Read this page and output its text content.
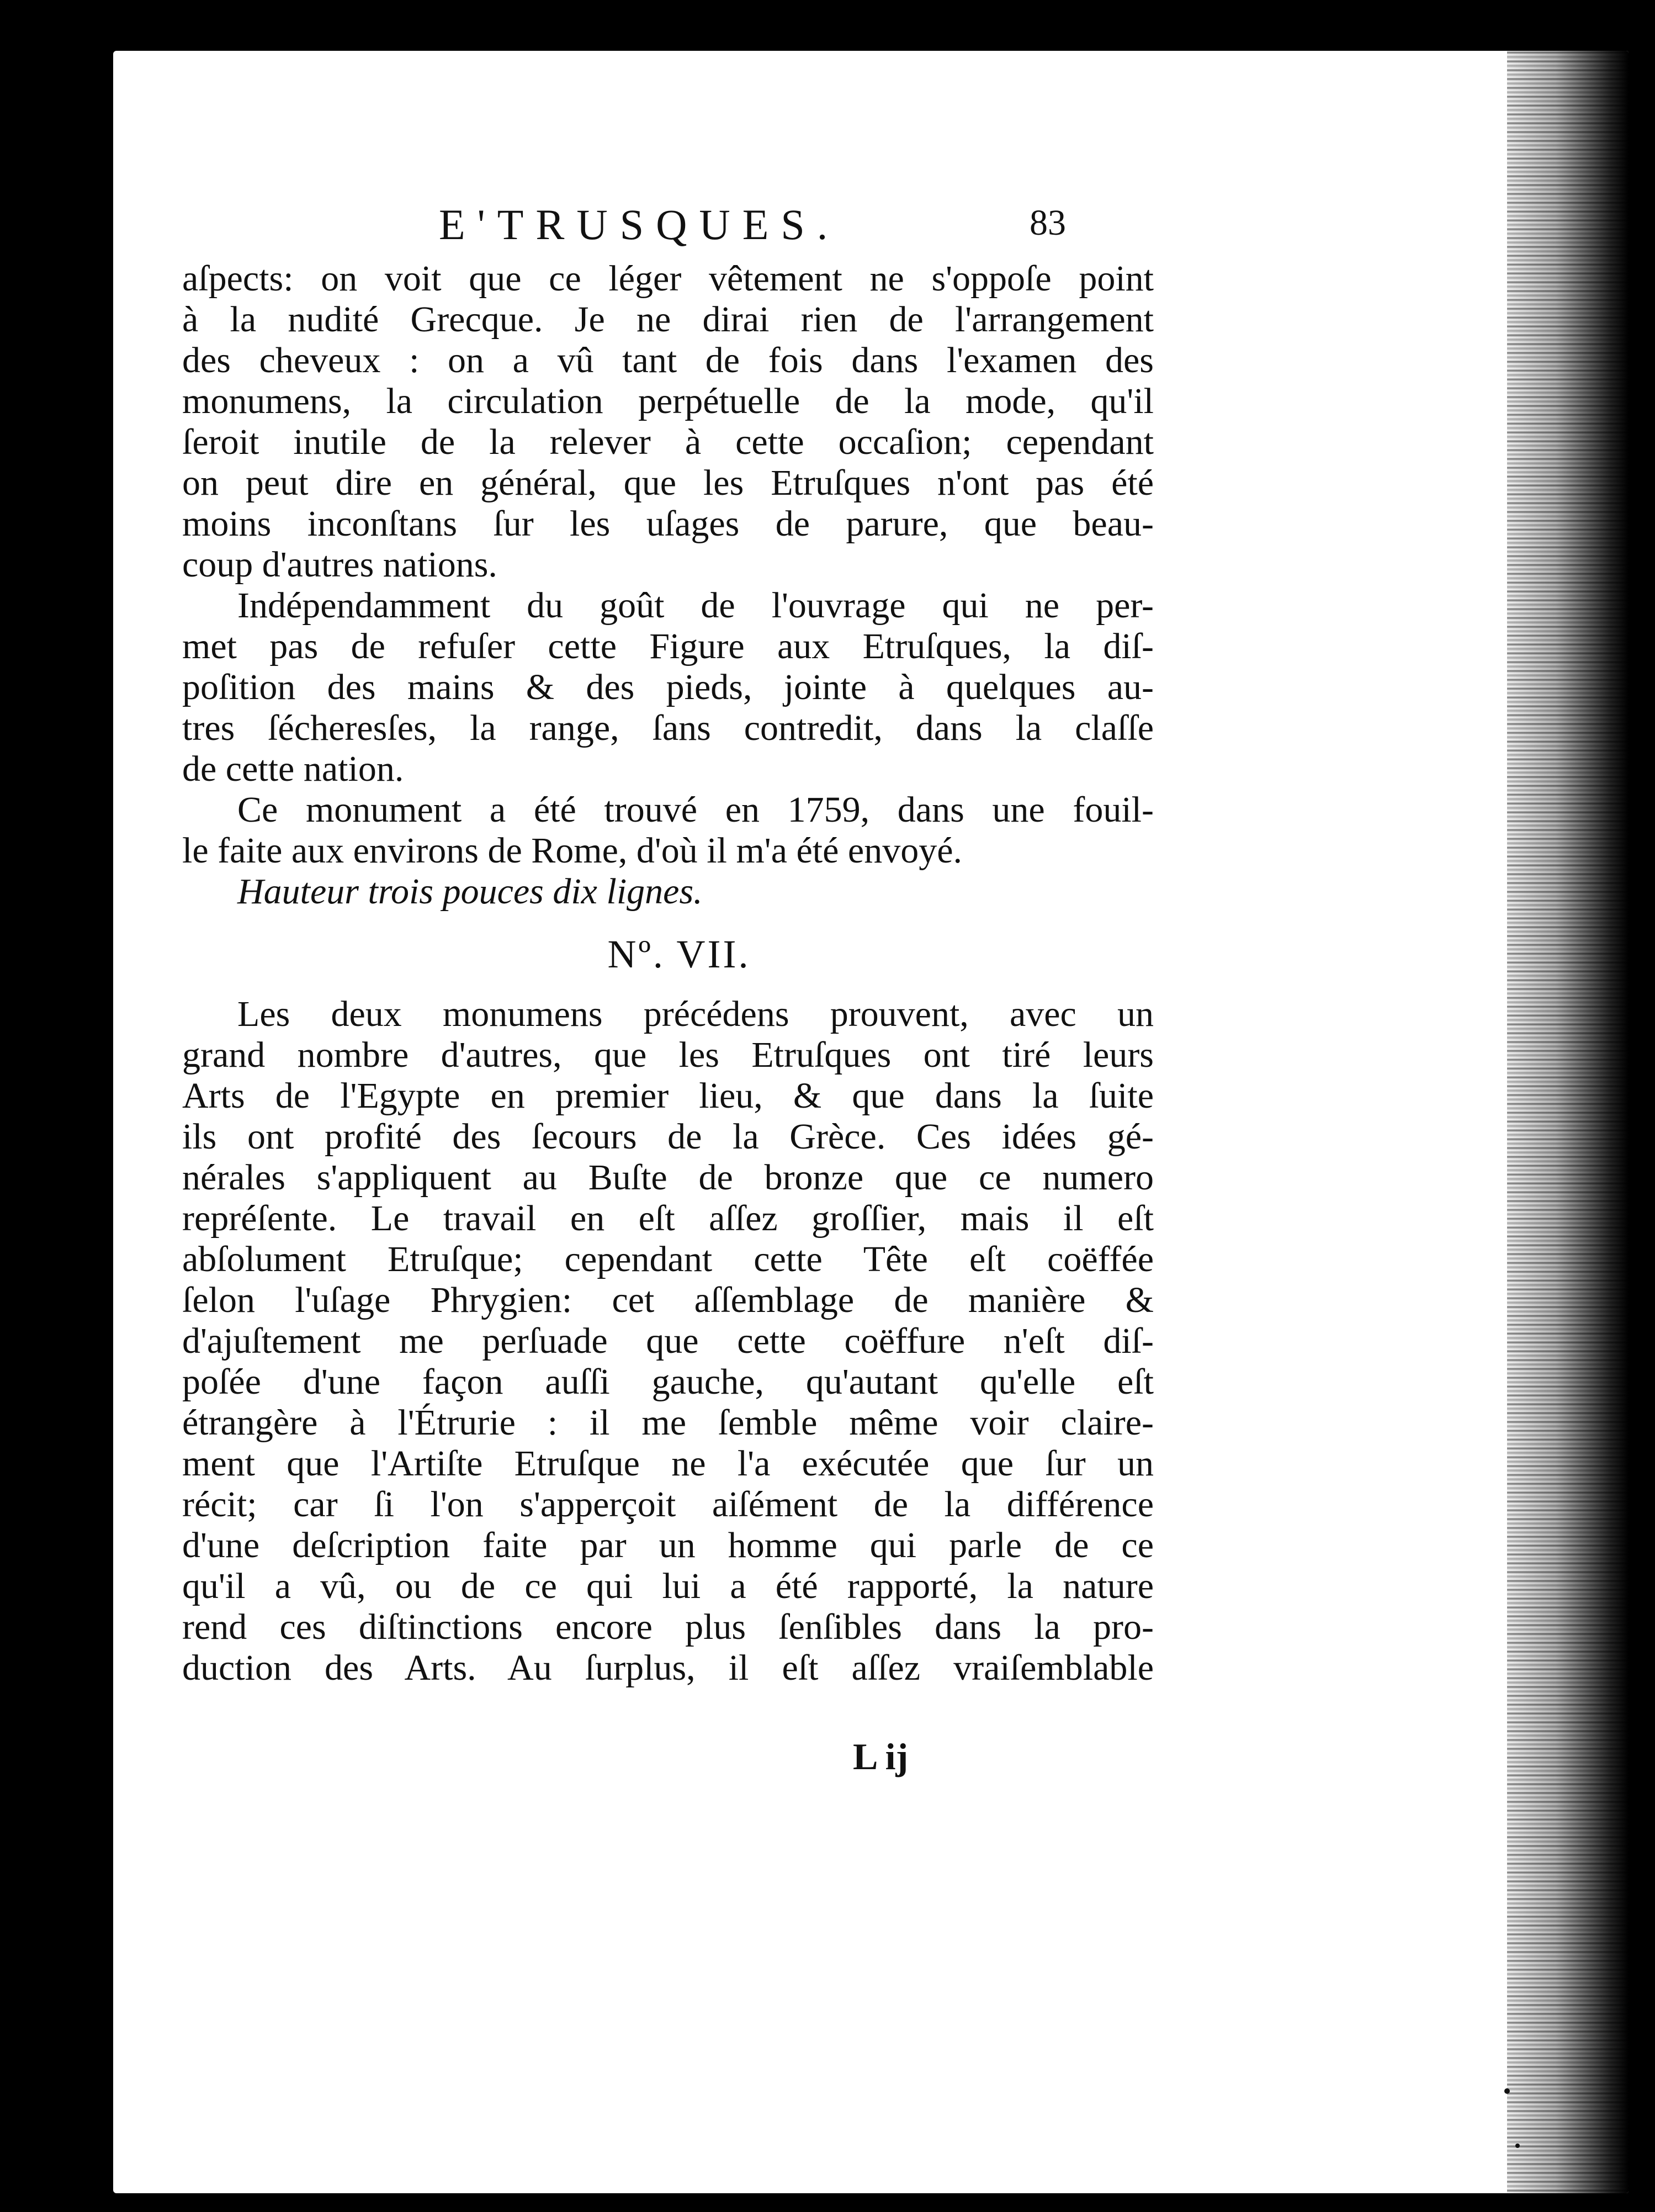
E'TRUSQUES.	83
aſpects: on voit que ce léger vêtement ne s'oppoſe point
à la nudité Grecque. Je ne dirai rien de l'arrangement
des cheveux : on a vû tant de fois dans l'examen des
monumens, la circulation perpétuelle de la mode, qu'il
ſeroit inutile de la relever à cette occaſion; cependant
on peut dire en général, que les Etruſques n'ont pas été
moins inconſtans ſur les uſages de parure, que beau-
coup d'autres nations.
Indépendamment du goût de l'ouvrage qui ne per-
met pas de refuſer cette Figure aux Etruſques, la diſ-
poſition des mains & des pieds, jointe à quelques au-
tres ſécheresſes, la range, ſans contredit, dans la claſſe
de cette nation.
Ce monument a été trouvé en 1759, dans une fouil-
le faite aux environs de Rome, d'où il m'a été envoyé.
Hauteur trois pouces dix lignes.
Nº. VII.
Les deux monumens précédens prouvent, avec un
grand nombre d'autres, que les Etruſques ont tiré leurs
Arts de l'Egypte en premier lieu, & que dans la ſuite
ils ont profité des ſecours de la Grèce. Ces idées gé-
nérales s'appliquent au Buſte de bronze que ce numero
repréſente. Le travail en eſt aſſez groſſier, mais il eſt
abſolument Etruſque; cependant cette Tête eſt coëffée
ſelon l'uſage Phrygien: cet aſſemblage de manière &
d'ajuſtement me perſuade que cette coëffure n'eſt diſ-
poſée d'une façon auſſi gauche, qu'autant qu'elle eſt
étrangère à l'Étrurie : il me ſemble même voir claire-
ment que l'Artiſte Etruſque ne l'a exécutée que ſur un
récit; car ſi l'on s'apperçoit aiſément de la différence
d'une deſcription faite par un homme qui parle de ce
qu'il a vû, ou de ce qui lui a été rapporté, la nature
rend ces diſtinctions encore plus ſenſibles dans la pro-
duction des Arts. Au ſurplus, il eſt aſſez vraiſemblable
L ij
